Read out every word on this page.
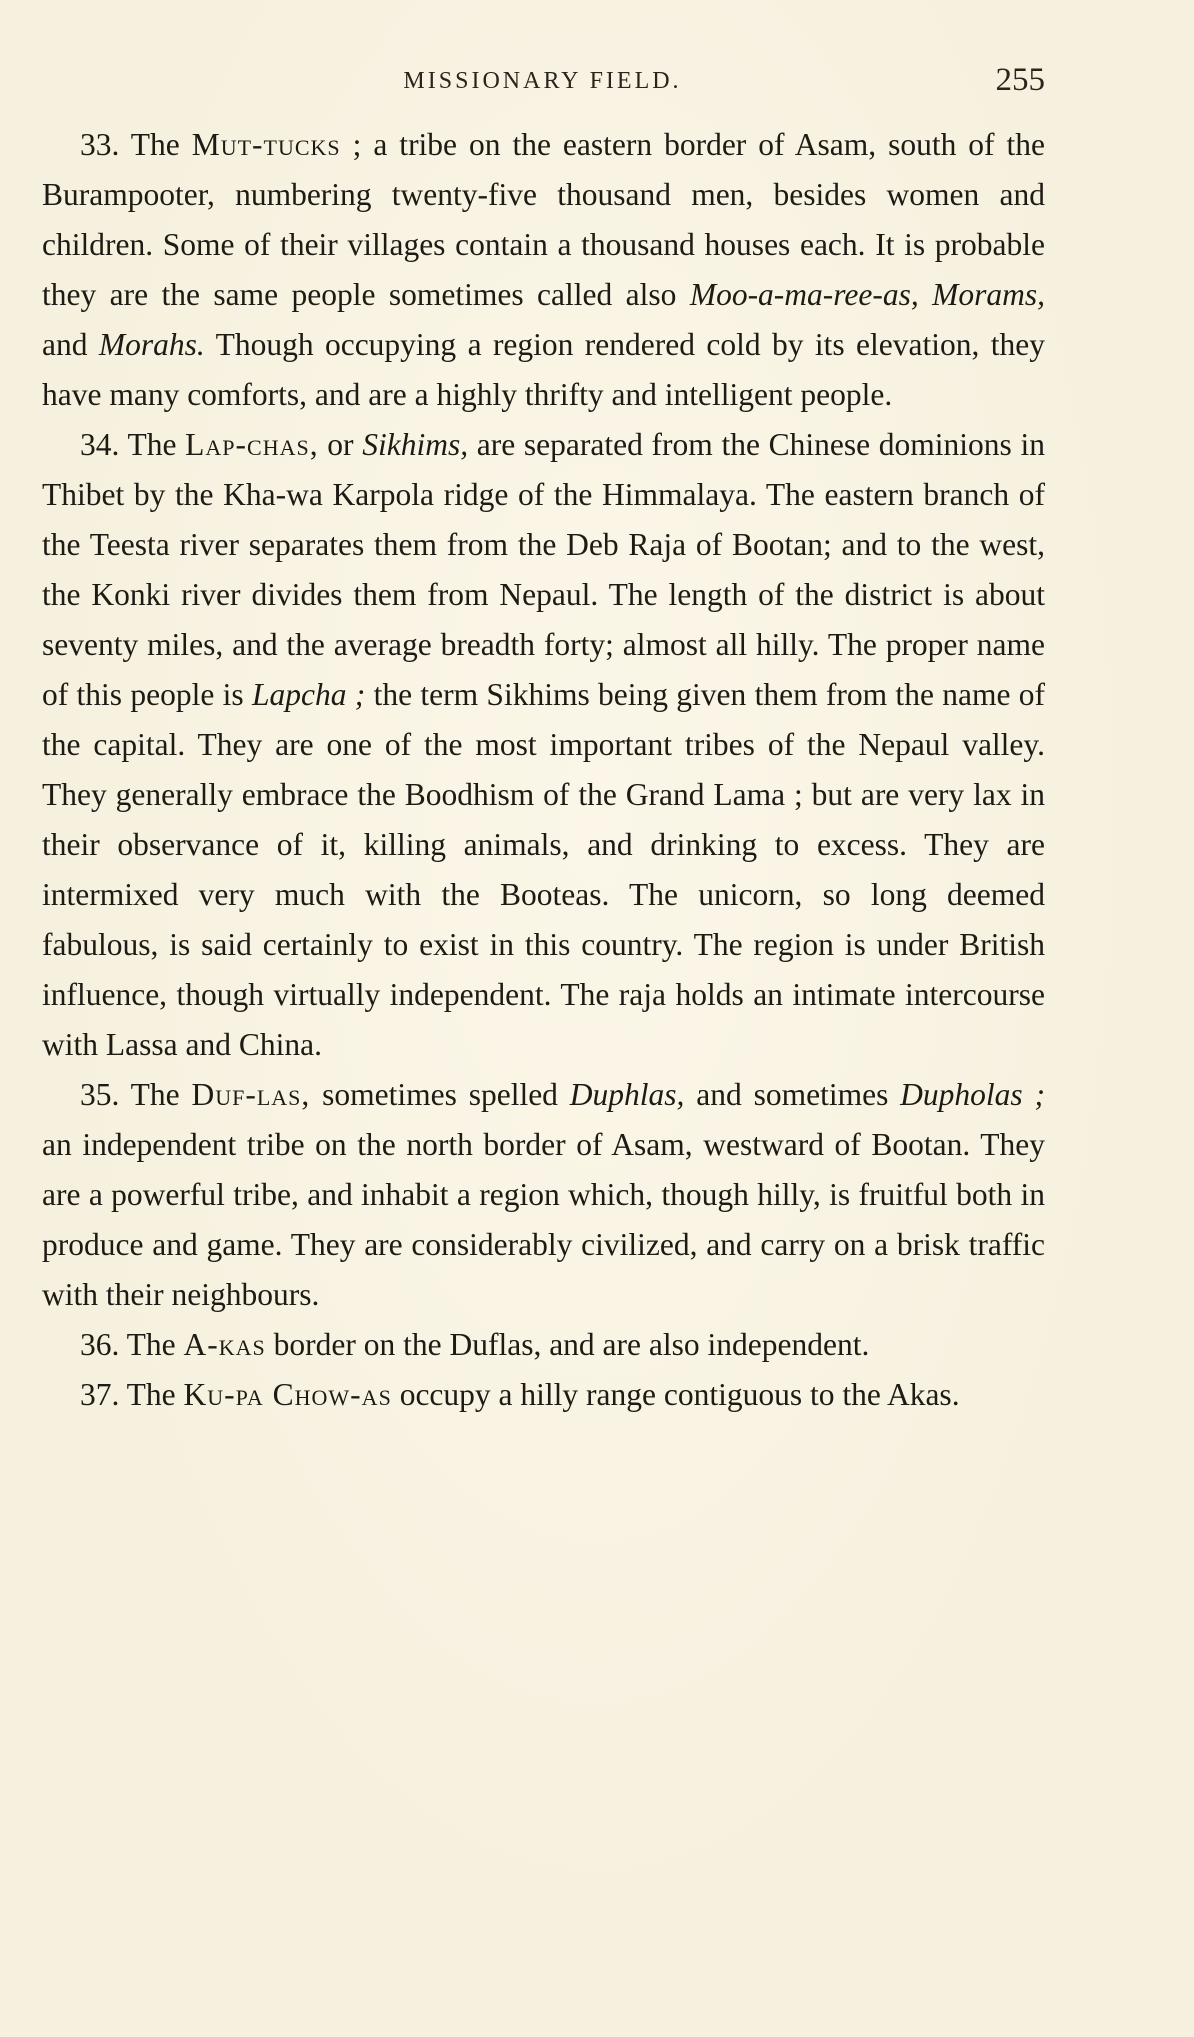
MISSIONARY FIELD.	255

33. The Mut-tucks ; a tribe on the eastern border of Asam, south of the Burampooter, numbering twenty-five thousand men, besides women and children. Some of their villages contain a thousand houses each. It is probable they are the same people sometimes called also Moo-a-ma-ree-as, Morams, and Morahs. Though occupying a region rendered cold by its elevation, they have many comforts, and are a highly thrifty and intelligent people.

34. The Lap-chas, or Sikhims, are separated from the Chinese dominions in Thibet by the Kha-wa Karpola ridge of the Himmalaya. The eastern branch of the Teesta river separates them from the Deb Raja of Bootan; and to the west, the Konki river divides them from Nepaul. The length of the district is about seventy miles, and the average breadth forty; almost all hilly. The proper name of this people is Lapcha ; the term Sikhims being given them from the name of the capital. They are one of the most important tribes of the Nepaul valley. They generally embrace the Boodhism of the Grand Lama ; but are very lax in their observance of it, killing animals, and drinking to excess. They are intermixed very much with the Booteas. The unicorn, so long deemed fabulous, is said certainly to exist in this country. The region is under British influence, though virtually independent. The raja holds an intimate intercourse with Lassa and China.

35. The Duf-las, sometimes spelled Duphlas, and sometimes Dupholas ; an independent tribe on the north border of Asam, westward of Bootan. They are a powerful tribe, and inhabit a region which, though hilly, is fruitful both in produce and game. They are considerably civilized, and carry on a brisk traffic with their neighbours.

36. The A-kas border on the Duflas, and are also independent.

37. The Ku-pa Chow-as occupy a hilly range contiguous to the Akas.
